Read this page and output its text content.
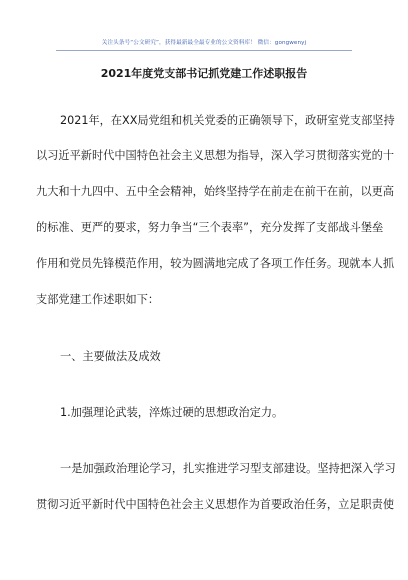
关注头条号“公文研究”，获得最新最全最专业的公文资料库！ 微信：gongwenyj
2021年度党支部书记抓党建工作述职报告
2021年，在XX局党组和机关党委的正确领导下，政研室党支部坚持
以习近平新时代中国特色社会主义思想为指导，深入学习贯彻落实党的十
九大和十九四中、五中全会精神，始终坚持学在前走在前干在前，以更高
的标准、更严的要求，努力争当“三个表率”，充分发挥了支部战斗堡垒
作用和党员先锋模范作用，较为圆满地完成了各项工作任务。现就本人抓
支部党建工作述职如下：
一、主要做法及成效
1.加强理论武装，淬炼过硬的思想政治定力。
一是加强政治理论学习，扎实推进学习型支部建设。坚持把深入学习
贯彻习近平新时代中国特色社会主义思想作为首要政治任务，立足职责使
